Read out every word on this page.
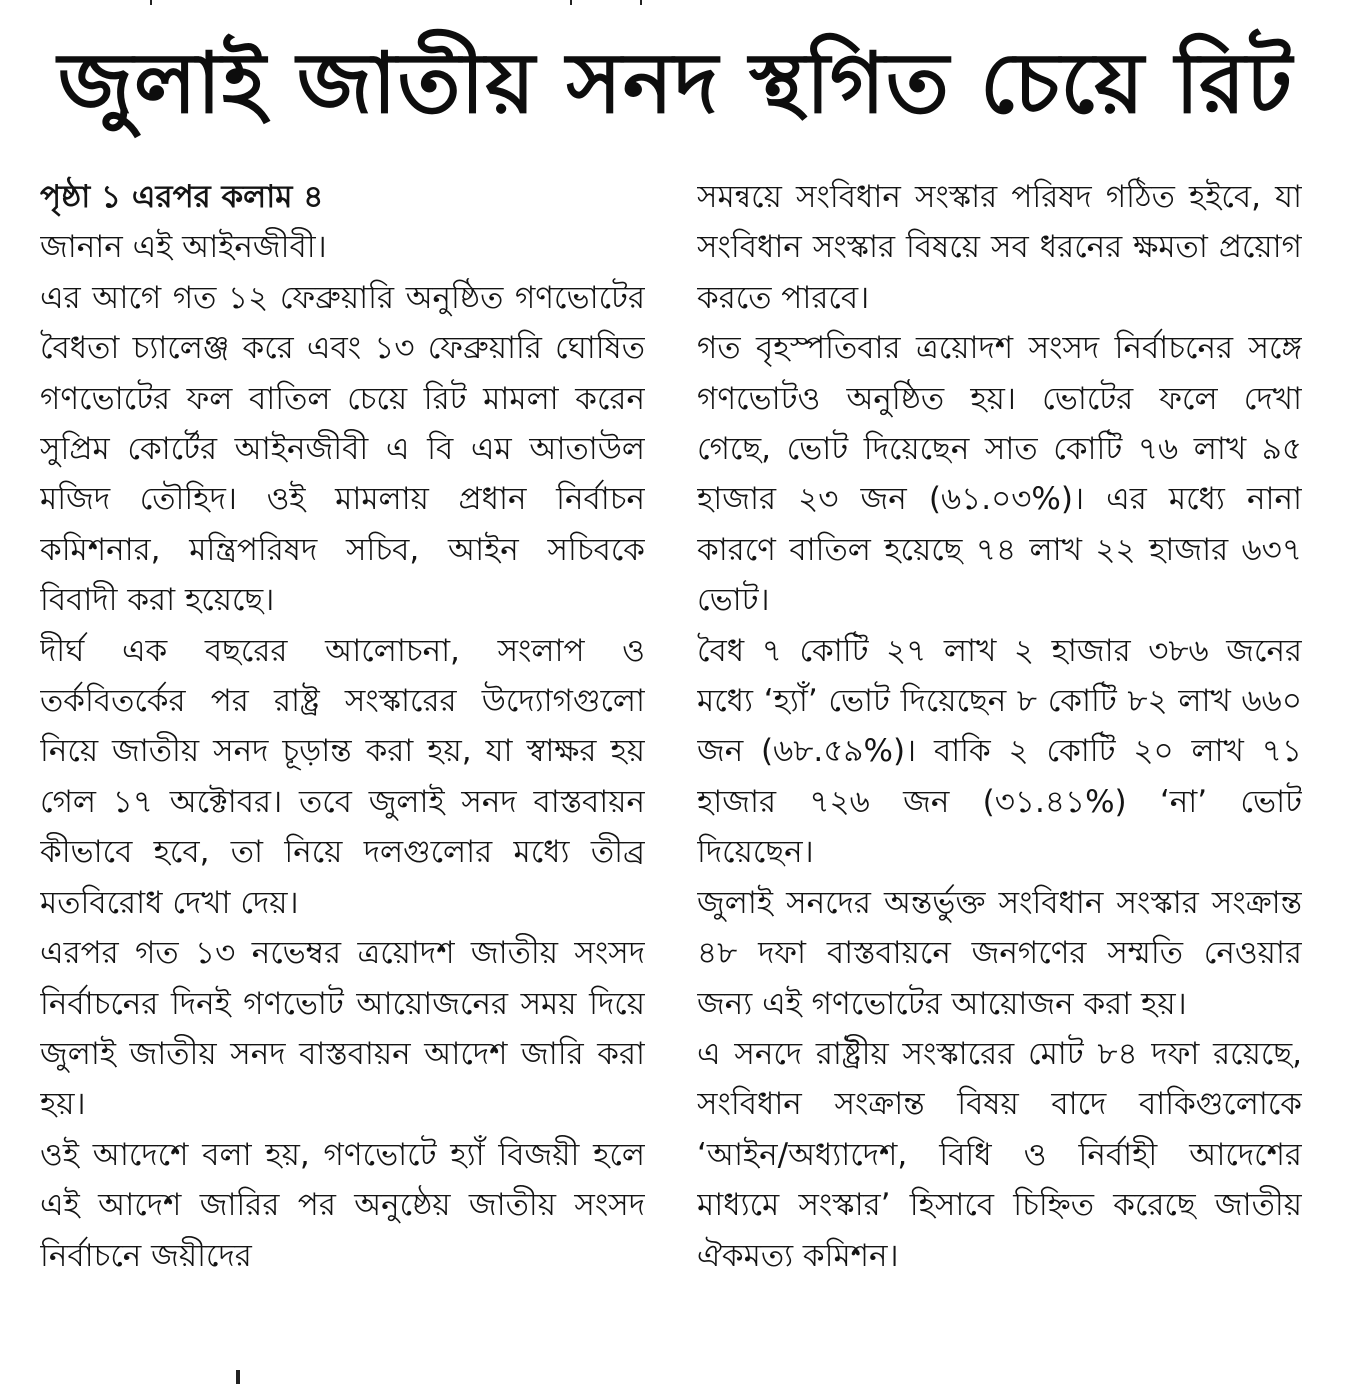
জুলাই জাতীয় সনদ স্থগিত চেয়ে রিট

পৃষ্ঠা ১ এরপর কলাম ৪

জানান এই আইনজীবী।

এর আগে গত ১২ ফেব্রুয়ারি অনুষ্ঠিত গণভোটের বৈধতা চ্যালেঞ্জ করে এবং ১৩ ফেব্রুয়ারি ঘোষিত গণভোটের ফল বাতিল চেয়ে রিট মামলা করেন সুপ্রিম কোর্টের আইনজীবী এ বি এম আতাউল মজিদ তৌহিদ। ওই মামলায় প্রধান নির্বাচন কমিশনার, মন্ত্রিপরিষদ সচিব, আইন সচিবকে বিবাদী করা হয়েছে।

দীর্ঘ এক বছরের আলোচনা, সংলাপ ও তর্কবিতর্কের পর রাষ্ট্র সংস্কারের উদ্যোগগুলো নিয়ে জাতীয় সনদ চূড়ান্ত করা হয়, যা স্বাক্ষর হয় গেল ১৭ অক্টোবর। তবে জুলাই সনদ বাস্তবায়ন কীভাবে হবে, তা নিয়ে দলগুলোর মধ্যে তীব্র মতবিরোধ দেখা দেয়।

এরপর গত ১৩ নভেম্বর ত্রয়োদশ জাতীয় সংসদ নির্বাচনের দিনই গণভোট আয়োজনের সময় দিয়ে জুলাই জাতীয় সনদ বাস্তবায়ন আদেশ জারি করা হয়।

ওই আদেশে বলা হয়, গণভোটে হ্যাঁ বিজয়ী হলে এই আদেশ জারির পর অনুষ্ঠেয় জাতীয় সংসদ নির্বাচনে জয়ীদের

সমন্বয়ে সংবিধান সংস্কার পরিষদ গঠিত হইবে, যা সংবিধান সংস্কার বিষয়ে সব ধরনের ক্ষমতা প্রয়োগ করতে পারবে।

গত বৃহস্পতিবার ত্রয়োদশ সংসদ নির্বাচনের সঙ্গে গণভোটও অনুষ্ঠিত হয়। ভোটের ফলে দেখা গেছে, ভোট দিয়েছেন সাত কোটি ৭৬ লাখ ৯৫ হাজার ২৩ জন (৬১.০৩%)। এর মধ্যে নানা কারণে বাতিল হয়েছে ৭৪ লাখ ২২ হাজার ৬৩৭ ভোট।

বৈধ ৭ কোটি ২৭ লাখ ২ হাজার ৩৮৬ জনের মধ্যে ‘হ্যাঁ’ ভোট দিয়েছেন ৮ কোটি ৮২ লাখ ৬৬০ জন (৬৮.৫৯%)। বাকি ২ কোটি ২০ লাখ ৭১ হাজার ৭২৬ জন (৩১.৪১%) ‘না’ ভোট দিয়েছেন।

জুলাই সনদের অন্তর্ভুক্ত সংবিধান সংস্কার সংক্রান্ত ৪৮ দফা বাস্তবায়নে জনগণের সম্মতি নেওয়ার জন্য এই গণভোটের আয়োজন করা হয়।

এ সনদে রাষ্ট্রীয় সংস্কারের মোট ৮৪ দফা রয়েছে, সংবিধান সংক্রান্ত বিষয় বাদে বাকিগুলোকে ‘আইন/অধ্যাদেশ, বিধি ও নির্বাহী আদেশের মাধ্যমে সংস্কার’ হিসাবে চিহ্নিত করেছে জাতীয় ঐকমত্য কমিশন।
